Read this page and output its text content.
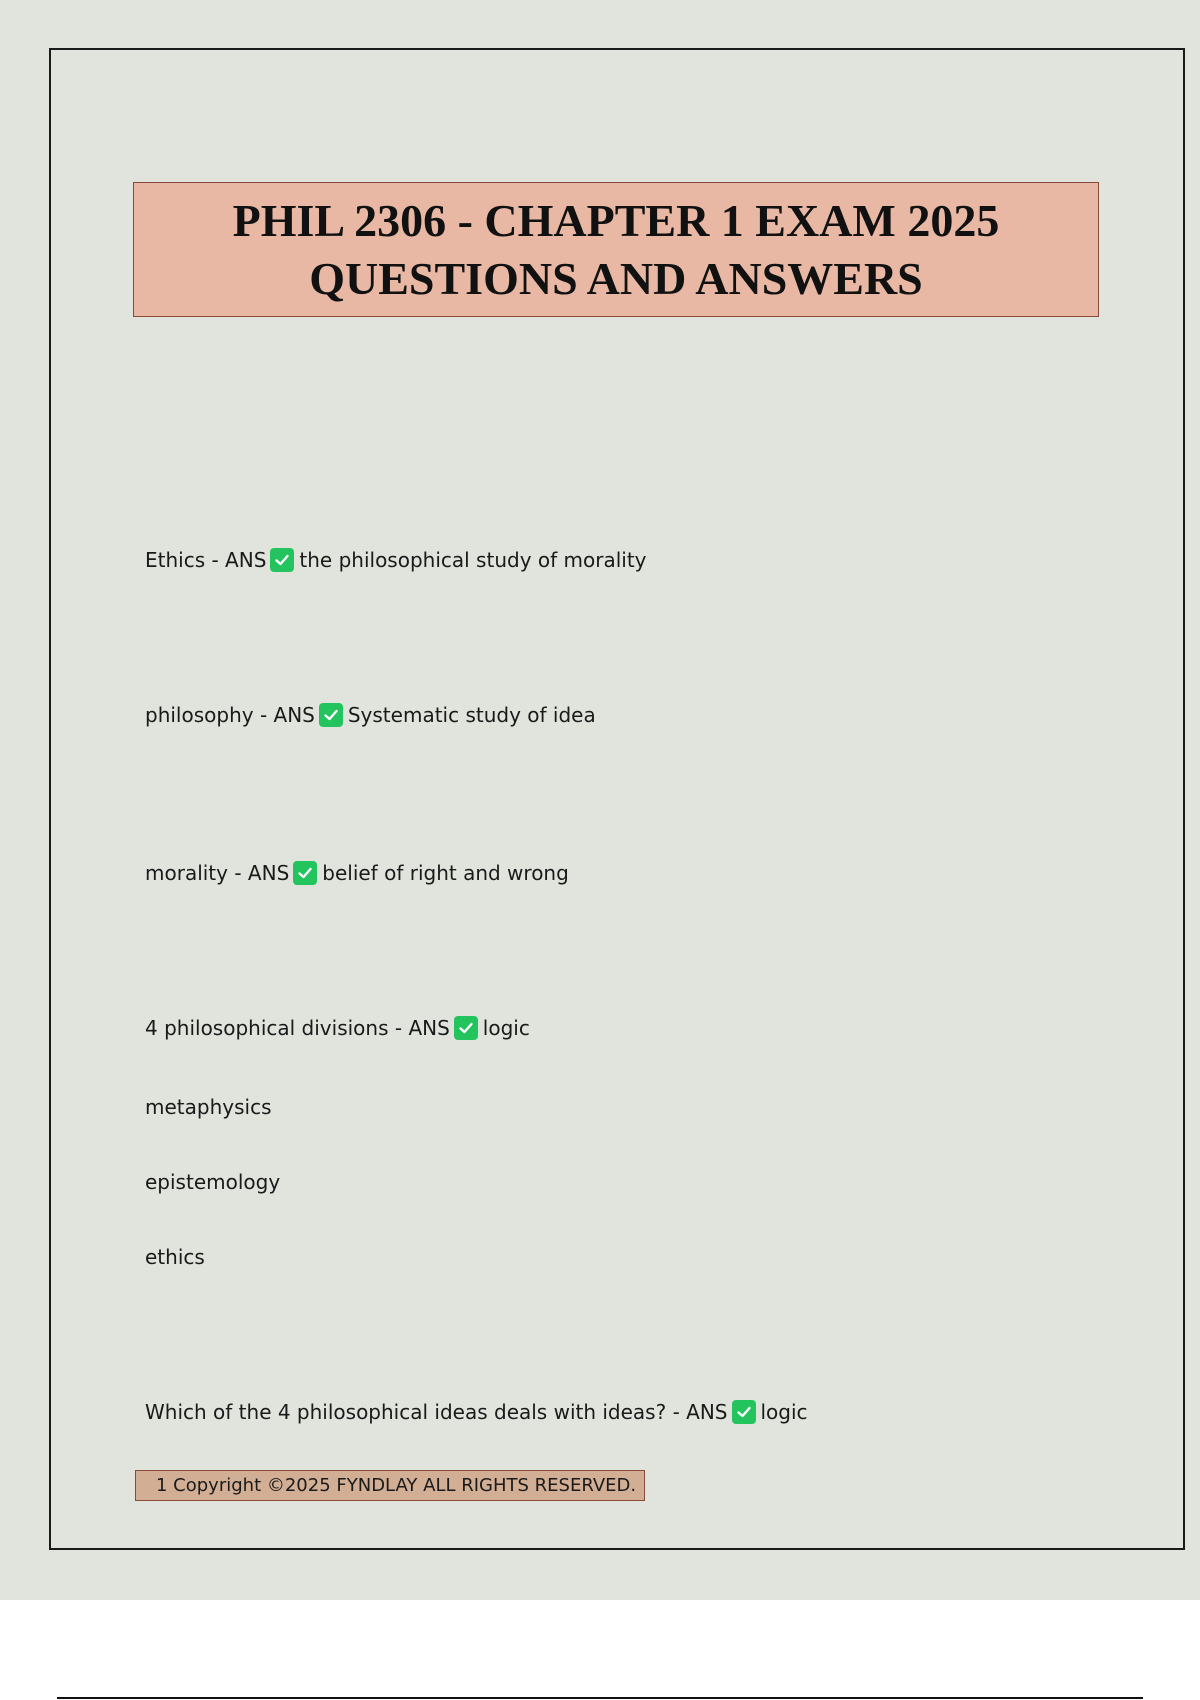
PHIL 2306 - CHAPTER 1 EXAM 2025
QUESTIONS AND ANSWERS
Ethics - ANS the philosophical study of morality
philosophy - ANS Systematic study of idea
morality - ANS belief of right and wrong
4 philosophical divisions - ANS logic
metaphysics
epistemology
ethics
Which of the 4 philosophical ideas deals with ideas? - ANS logic
1 Copyright ©2025 FYNDLAY ALL RIGHTS RESERVED.
